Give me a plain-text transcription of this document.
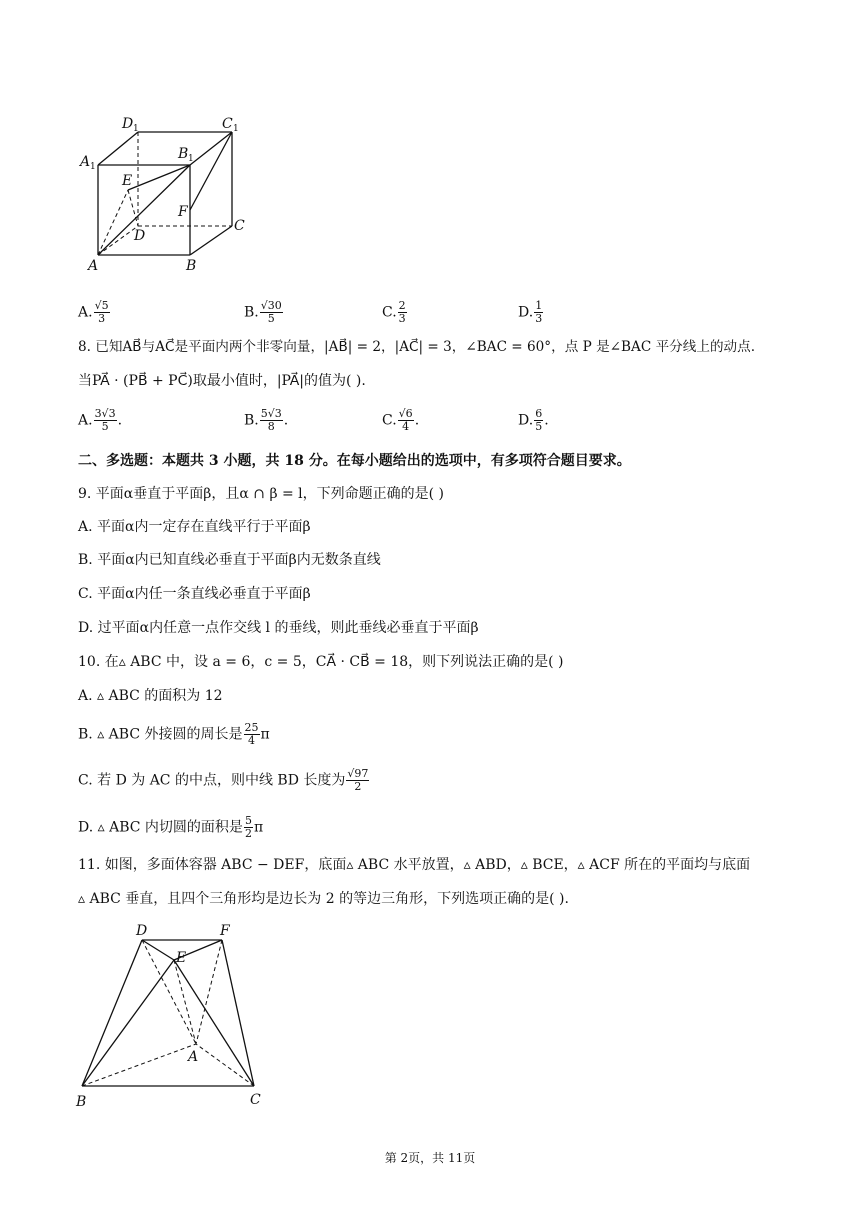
D 1	C 1
A 1
B 1
E
F
D
C
A	B
A. $\frac{√5}{3}$	B. $\frac{√30}{5}$	C. $\frac{2}{3}$	D. $\frac{1}{3}$
8. 已知AB⃗与AC⃗是平面内两个非零向量，|AB⃗| = 2，|AC⃗| = 3，∠BAC = 60°，点 P 是∠BAC 平分线上的动点.
当PA⃗ · (PB⃗ + PC⃗)取最小值时，|PA⃗|的值为( ).
A. $\frac{3√3}{5}$ .	B. $\frac{5√3}{8}$ .	C. $\frac{√6}{4}$ .	D. $\frac{6}{5}$ .
二、多选题：本题共 3 小题，共 18 分。在每小题给出的选项中，有多项符合题目要求。
9. 平面α垂直于平面β，且α ∩ β = l，下列命题正确的是( )
A. 平面α内一定存在直线平行于平面β
B. 平面α内已知直线必垂直于平面β内无数条直线
C. 平面α内任一条直线必垂直于平面β
D. 过平面α内任意一点作交线 l 的垂线，则此垂线必垂直于平面β
10. 在▵ ABC 中，设 a = 6，c = 5，CA⃗ · CB⃗ = 18，则下列说法正确的是( )
A. ▵ ABC 的面积为 12
B. ▵ ABC 外接圆的周长是 $\frac{25}{4}$ π
C. 若 D 为 AC 的中点，则中线 BD 长度为 $\frac{√97}{2}$
D. ▵ ABC 内切圆的面积是 $\frac{5}{2}$ π
11. 如图，多面体容器 ABC − DEF，底面▵ ABC 水平放置，▵ ABD，▵ BCE，▵ ACF 所在的平面均与底面
▵ ABC 垂直，且四个三角形均是边长为 2 的等边三角形，下列选项正确的是( ).
D	F
E
A
B	C
第 2页，共 11页
